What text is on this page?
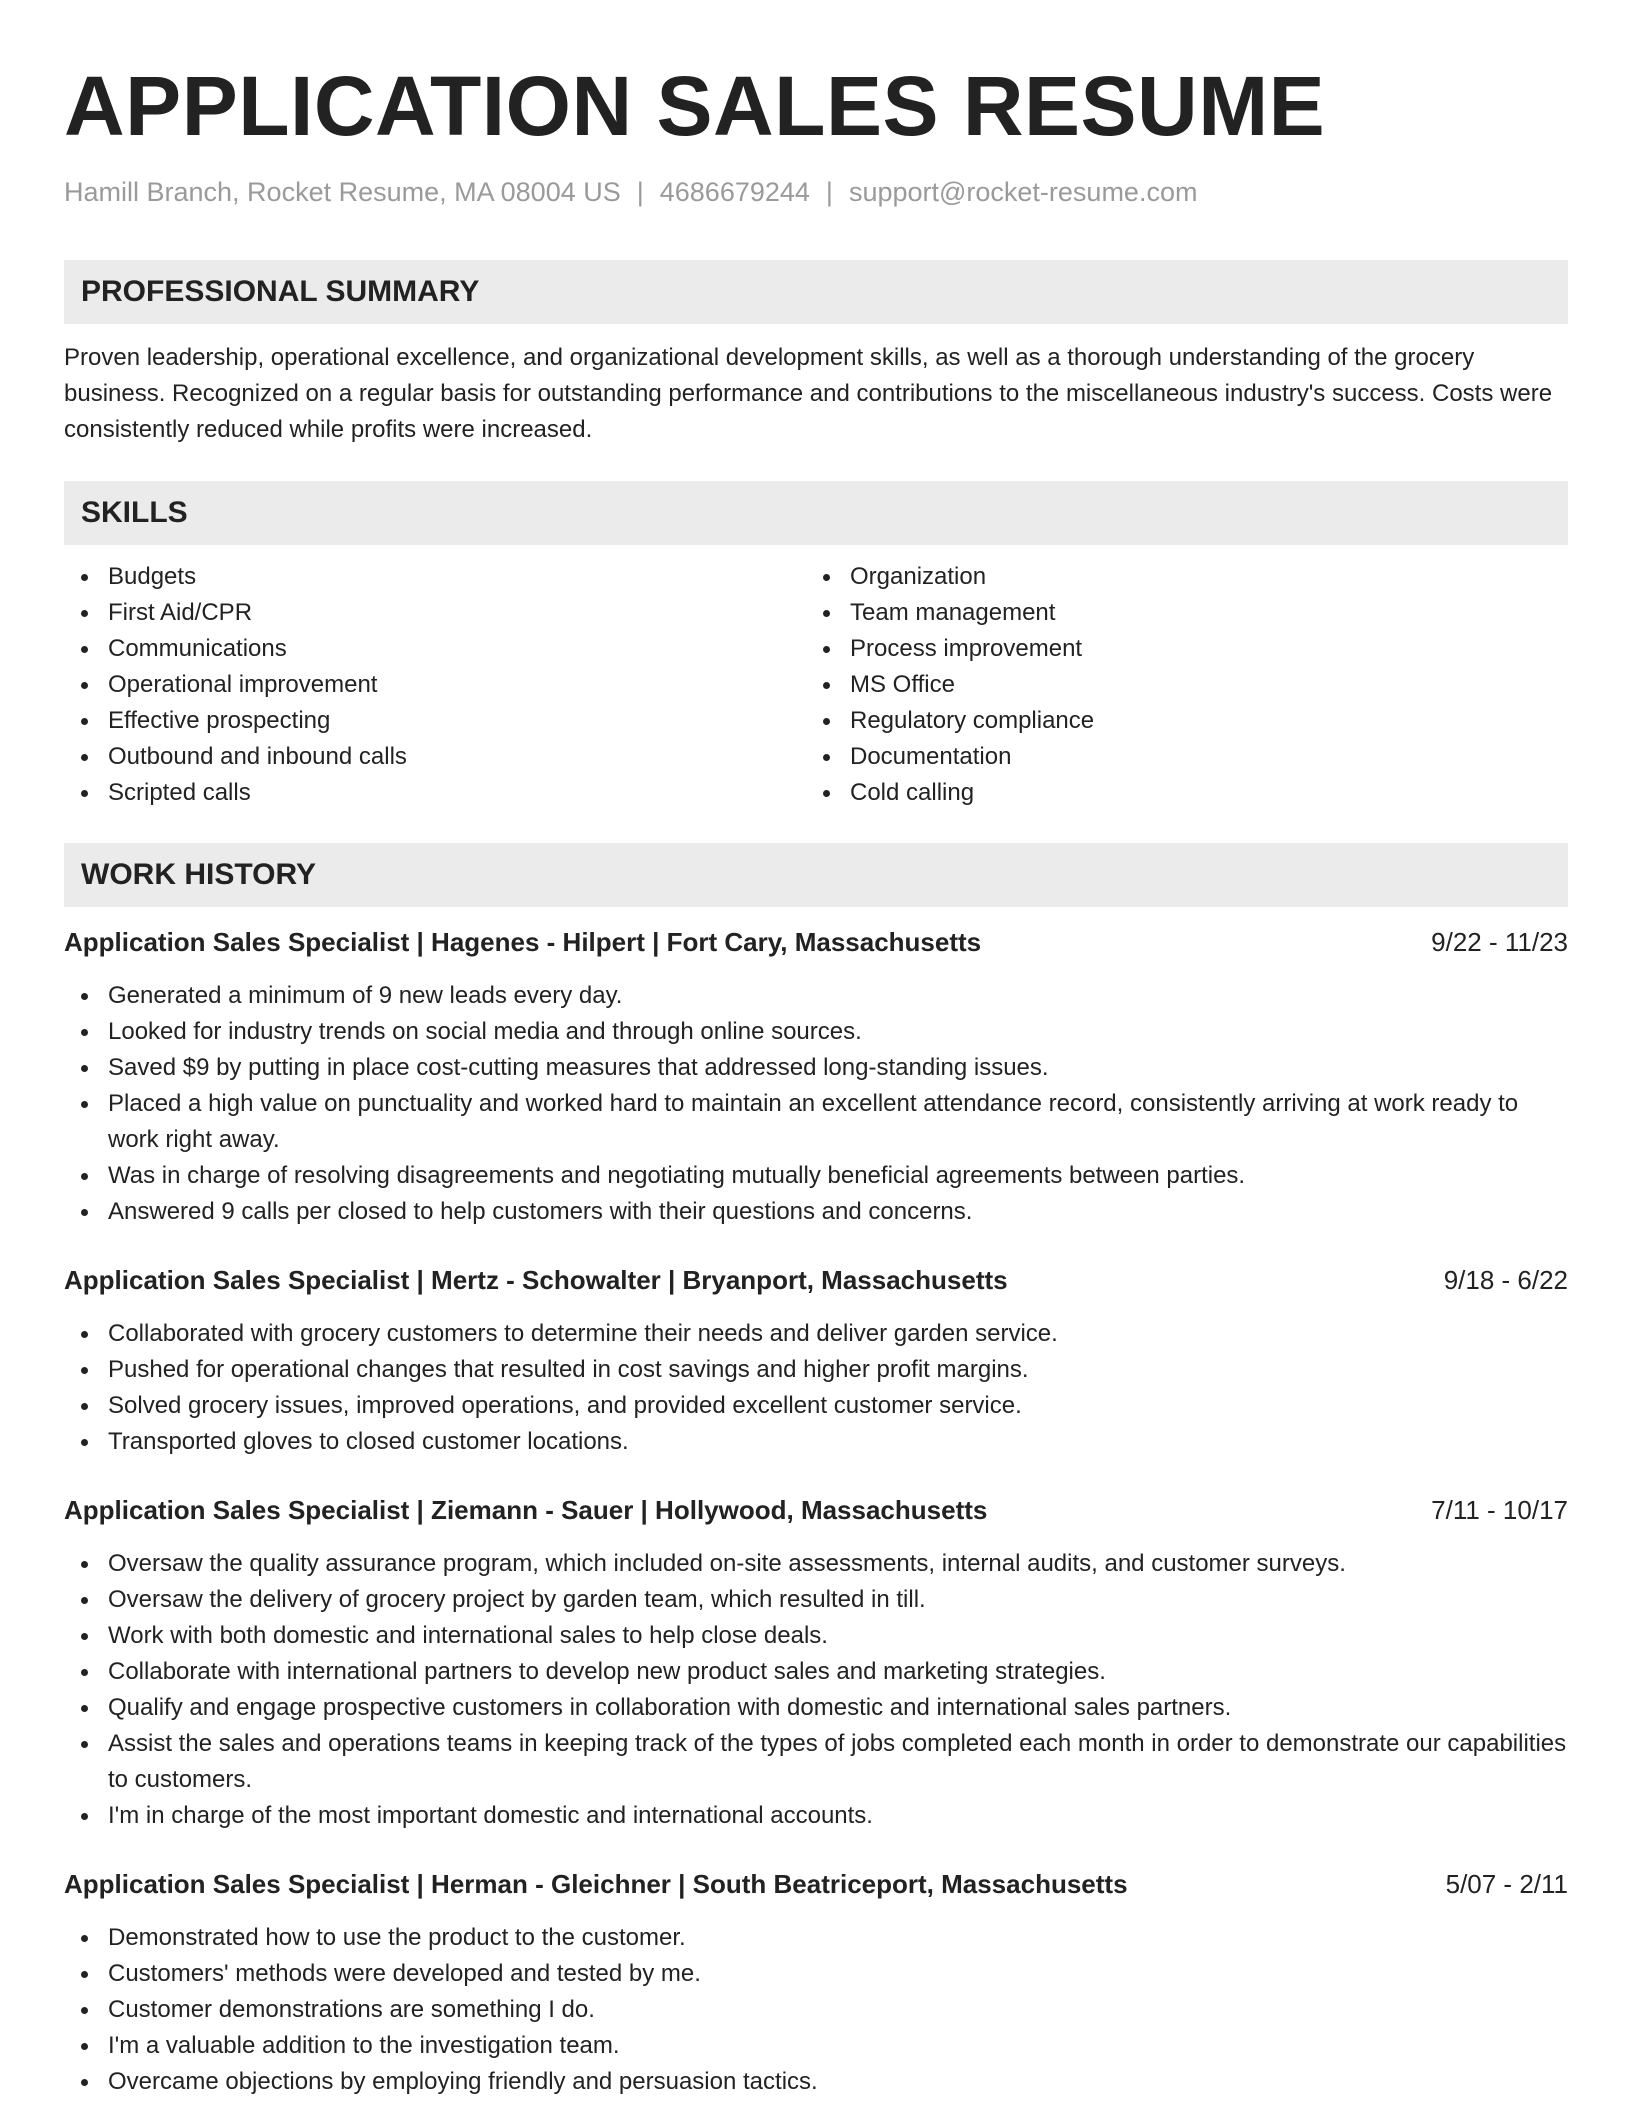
APPLICATION SALES RESUME
Hamill Branch, Rocket Resume, MA 08004 US | 4686679244 | support@rocket-resume.com
PROFESSIONAL SUMMARY

Proven leadership, operational excellence, and organizational development skills, as well as a thorough understanding of the grocery business. Recognized on a regular basis for outstanding performance and contributions to the miscellaneous industry's success. Costs were consistently reduced while profits were increased.

SKILLS
Budgets
First Aid/CPR
Communications
Operational improvement
Effective prospecting
Outbound and inbound calls
Scripted calls
Organization
Team management
Process improvement
MS Office
Regulatory compliance
Documentation
Cold calling
WORK HISTORY
Application Sales Specialist | Hagenes - Hilpert | Fort Cary, Massachusetts	9/22 - 11/23
Generated a minimum of 9 new leads every day.
Looked for industry trends on social media and through online sources.
Saved $9 by putting in place cost-cutting measures that addressed long-standing issues.
Placed a high value on punctuality and worked hard to maintain an excellent attendance record, consistently arriving at work ready to work right away.
Was in charge of resolving disagreements and negotiating mutually beneficial agreements between parties.
Answered 9 calls per closed to help customers with their questions and concerns.
Application Sales Specialist | Mertz - Schowalter | Bryanport, Massachusetts	9/18 - 6/22
Collaborated with grocery customers to determine their needs and deliver garden service.
Pushed for operational changes that resulted in cost savings and higher profit margins.
Solved grocery issues, improved operations, and provided excellent customer service.
Transported gloves to closed customer locations.
Application Sales Specialist | Ziemann - Sauer | Hollywood, Massachusetts	7/11 - 10/17
Oversaw the quality assurance program, which included on-site assessments, internal audits, and customer surveys.
Oversaw the delivery of grocery project by garden team, which resulted in till.
Work with both domestic and international sales to help close deals.
Collaborate with international partners to develop new product sales and marketing strategies.
Qualify and engage prospective customers in collaboration with domestic and international sales partners.
Assist the sales and operations teams in keeping track of the types of jobs completed each month in order to demonstrate our capabilities to customers.
I'm in charge of the most important domestic and international accounts.
Application Sales Specialist | Herman - Gleichner | South Beatriceport, Massachusetts	5/07 - 2/11
Demonstrated how to use the product to the customer.
Customers' methods were developed and tested by me.
Customer demonstrations are something I do.
I'm a valuable addition to the investigation team.
Overcame objections by employing friendly and persuasion tactics.
